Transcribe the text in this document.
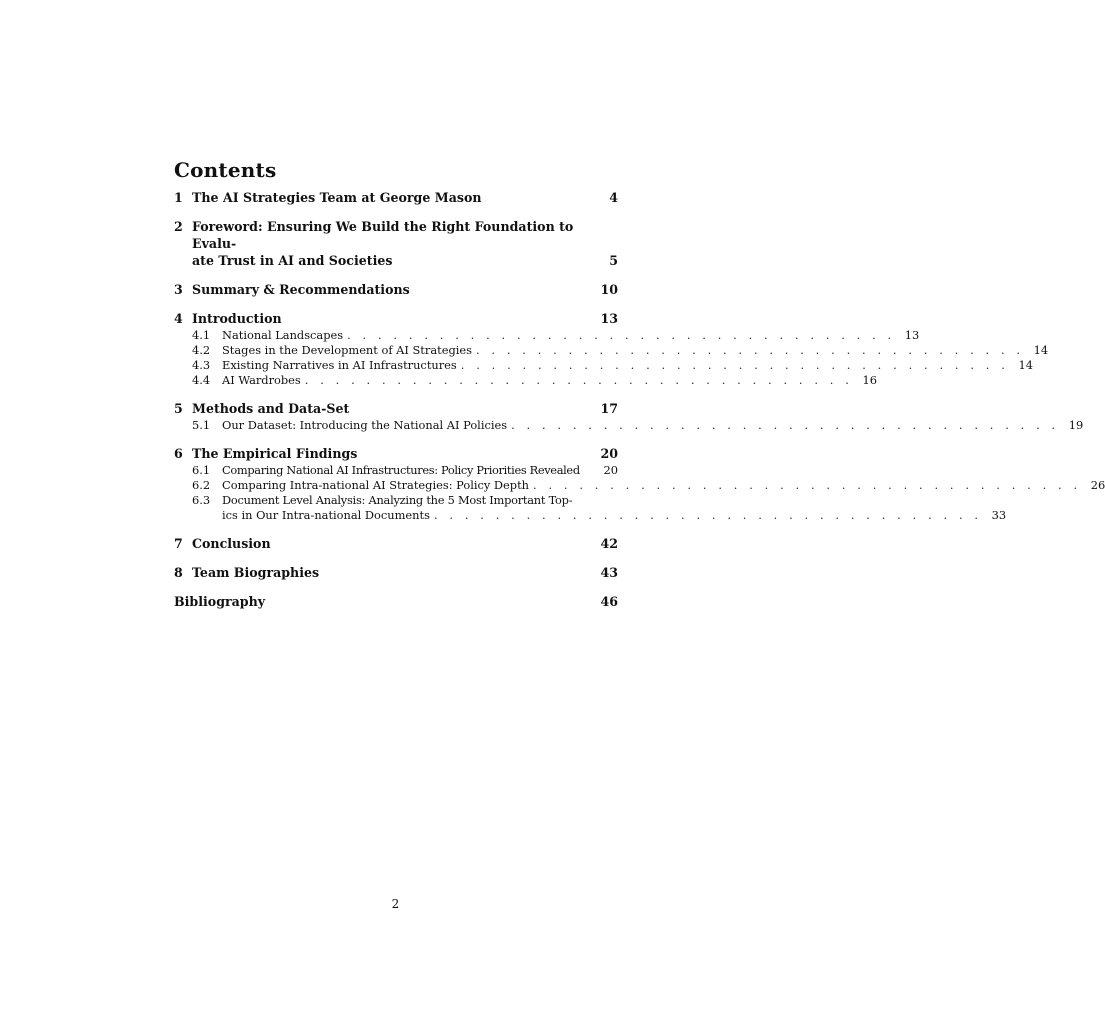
Contents
1 The AI Strategies Team at George Mason	4
2 Foreword: Ensuring We Build the Right Foundation to Evalu-
ate Trust in AI and Societies	5
3 Summary & Recommendations	10
4 Introduction	13
4.1	National Landscapes . . . . . . . . . . . . . . . . . . . . . . . . . . . . . . . . . . . . 13
4.2	Stages in the Development of AI Strategies . . . . . . . . . . . . . . . . . . . . . . . . . . . . . . . . . . . . 14
4.3	Existing Narratives in AI Infrastructures . . . . . . . . . . . . . . . . . . . . . . . . . . . . . . . . . . . . 14
4.4	AI Wardrobes . . . . . . . . . . . . . . . . . . . . . . . . . . . . . . . . . . . . 16
5 Methods and Data-Set	17
5.1	Our Dataset: Introducing the National AI Policies . . . . . . . . . . . . . . . . . . . . . . . . . . . . . . . . . . . . 19
6 The Empirical Findings	20
6.1	Comparing National AI Infrastructures: Policy Priorities Revealed	20
6.2	Comparing Intra-national AI Strategies: Policy Depth . . . . . . . . . . . . . . . . . . . . . . . . . . . . . . . . . . . . 26
6.3	Document Level Analysis: Analyzing the 5 Most Important Top-
ics in Our Intra-national Documents . . . . . . . . . . . . . . . . . . . . . . . . . . . . . . . . . . . . 33
7 Conclusion	42
8 Team Biographies	43
Bibliography	46
2
